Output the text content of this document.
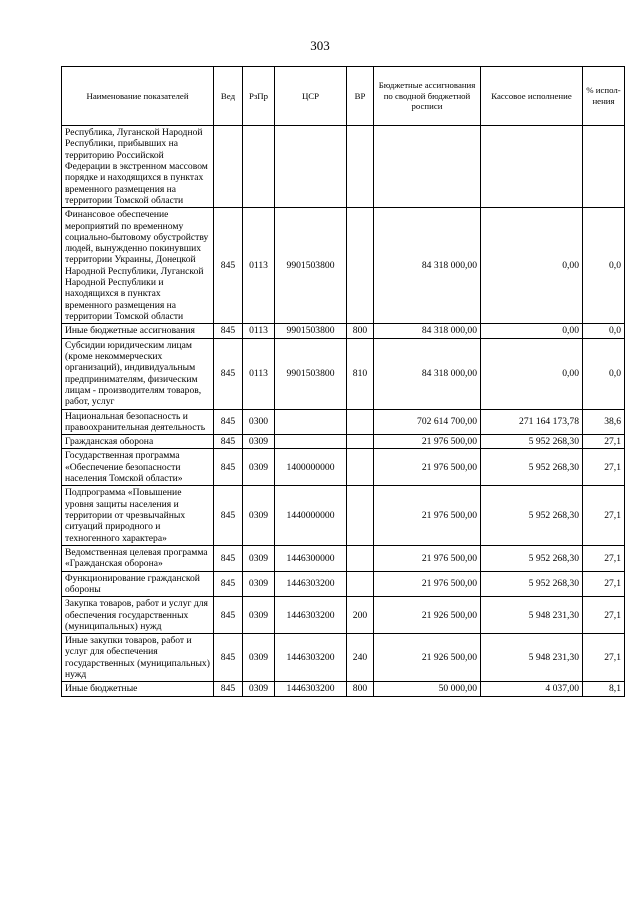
303
Наименование показателей	Вед	РзПр	ЦСР	ВР	Бюджетные ассигнования по сводной бюджетной росписи	Кассовое исполнение	% испол- нения
Республика, Луганской Народной Республики, прибывших на территорию Российской Федерации в экстренном массовом порядке и находящихся в пунктах временного размещения на территории Томской области							
Финансовое обеспечение мероприятий по временному социально-бытовому обустройству людей, вынужденно покинувших территории Украины, Донецкой Народной Республики, Луганской Народной Республики и находящихся в пунктах временного размещения на территории Томской области	845	0113	9901503800		84 318 000,00	0,00	0,0
Иные бюджетные ассигнования	845	0113	9901503800	800	84 318 000,00	0,00	0,0
Субсидии юридическим лицам (кроме некоммерческих организаций), индивидуальным предпринимателям, физическим лицам - производителям товаров, работ, услуг	845	0113	9901503800	810	84 318 000,00	0,00	0,0
Национальная безопасность и правоохранительная деятельность	845	0300			702 614 700,00	271 164 173,78	38,6
Гражданская оборона	845	0309			21 976 500,00	5 952 268,30	27,1
Государственная программа «Обеспечение безопасности населения Томской области»	845	0309	1400000000		21 976 500,00	5 952 268,30	27,1
Подпрограмма «Повышение уровня защиты населения и территории от чрезвычайных ситуаций природного и техногенного характера»	845	0309	1440000000		21 976 500,00	5 952 268,30	27,1
Ведомственная целевая программа «Гражданская оборона»	845	0309	1446300000		21 976 500,00	5 952 268,30	27,1
Функционирование гражданской обороны	845	0309	1446303200		21 976 500,00	5 952 268,30	27,1
Закупка товаров, работ и услуг для обеспечения государственных (муниципальных) нужд	845	0309	1446303200	200	21 926 500,00	5 948 231,30	27,1
Иные закупки товаров, работ и услуг для обеспечения государственных (муниципальных) нужд	845	0309	1446303200	240	21 926 500,00	5 948 231,30	27,1
Иные бюджетные	845	0309	1446303200	800	50 000,00	4 037,00	8,1
